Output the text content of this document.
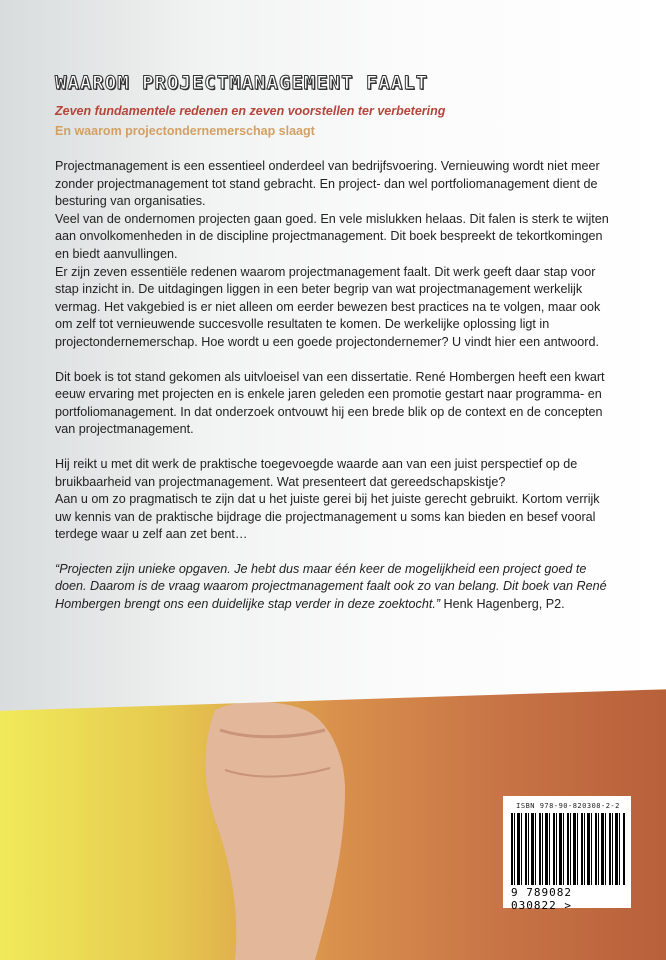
WAAROM PROJECTMANAGEMENT FAALT
Zeven fundamentele redenen en zeven voorstellen ter verbetering
En waarom projectondernemerschap slaagt

Projectmanagement is een essentieel onderdeel van bedrijfsvoering. Vernieuwing wordt niet meer zonder projectmanagement tot stand gebracht. En project- dan wel portfoliomanagement dient de besturing van organisaties.

Veel van de ondernomen projecten gaan goed. En vele mislukken helaas. Dit falen is sterk te wijten aan onvolkomenheden in de discipline projectmanagement. Dit boek bespreekt de tekortkomingen en biedt aanvullingen.

Er zijn zeven essentiële redenen waarom projectmanagement faalt. Dit werk geeft daar stap voor stap inzicht in. De uitdagingen liggen in een beter begrip van wat projectmanagement werkelijk vermag. Het vakgebied is er niet alleen om eerder bewezen best practices na te volgen, maar ook om zelf tot vernieuwende succesvolle resultaten te komen. De werkelijke oplossing ligt in projectondernemerschap. Hoe wordt u een goede projectondernemer? U vindt hier een antwoord.

Dit boek is tot stand gekomen als uitvloeisel van een dissertatie. René Hombergen heeft een kwart eeuw ervaring met projecten en is enkele jaren geleden een promotie gestart naar programma- en portfoliomanagement. In dat onderzoek ontvouwt hij een brede blik op de context en de concepten van projectmanagement.

Hij reikt u met dit werk de praktische toegevoegde waarde aan van een juist perspectief op de bruikbaarheid van projectmanagement. Wat presenteert dat gereedschapskistje?

Aan u om zo pragmatisch te zijn dat u het juiste gerei bij het juiste gerecht gebruikt. Kortom verrijk uw kennis van de praktische bijdrage die projectmanagement u soms kan bieden en besef vooral terdege waar u zelf aan zet bent…

“Projecten zijn unieke opgaven. Je hebt dus maar één keer de mogelijkheid een project goed te doen. Daarom is de vraag waarom projectmanagement faalt ook zo van belang. Dit boek van René Hombergen brengt ons een duidelijke stap verder in deze zoektocht.” Henk Hagenberg, P2.

ISBN 978-90-820308-2-2
9 789082 030822 >
